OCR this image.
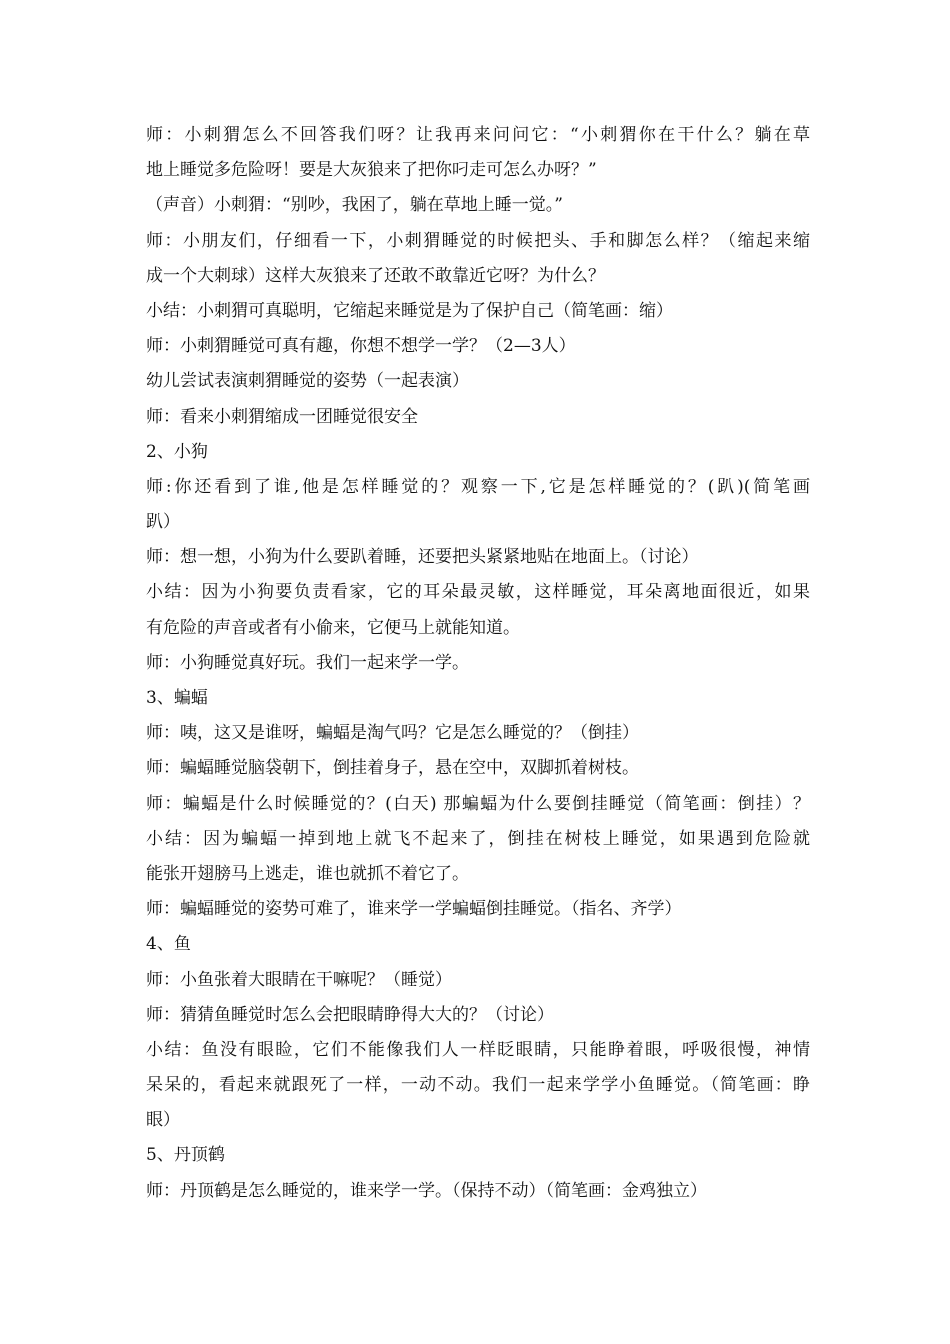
师：小刺猬怎么不回答我们呀？让我再来问问它：“小刺猬你在干什么？躺在草
地上睡觉多危险呀！要是大灰狼来了把你叼走可怎么办呀？”
（声音）小刺猬：“别吵，我困了，躺在草地上睡一觉。”
师：小朋友们，仔细看一下，小刺猬睡觉的时候把头、手和脚怎么样？（缩起来缩
成一个大刺球）这样大灰狼来了还敢不敢靠近它呀？为什么？
小结：小刺猬可真聪明，它缩起来睡觉是为了保护自己（简笔画：缩）
师：小刺猬睡觉可真有趣，你想不想学一学？（2—3人）
幼儿尝试表演刺猬睡觉的姿势（一起表演）
师：看来小刺猬缩成一团睡觉很安全
2、小狗
师:你还看到了谁,他是怎样睡觉的？观察一下,它是怎样睡觉的？(趴)(简笔画
趴）
师：想一想，小狗为什么要趴着睡，还要把头紧紧地贴在地面上。（讨论）
小结：因为小狗要负责看家，它的耳朵最灵敏，这样睡觉，耳朵离地面很近，如果
有危险的声音或者有小偷来，它便马上就能知道。
师：小狗睡觉真好玩。我们一起来学一学。
3、蝙蝠
师：咦，这又是谁呀，蝙蝠是淘气吗？它是怎么睡觉的？（倒挂）
师：蝙蝠睡觉脑袋朝下，倒挂着身子，悬在空中，双脚抓着树枝。
师：蝙蝠是什么时候睡觉的？(白天) 那蝙蝠为什么要倒挂睡觉（简笔画：倒挂）？
小结：因为蝙蝠一掉到地上就飞不起来了，倒挂在树枝上睡觉，如果遇到危险就
能张开翅膀马上逃走，谁也就抓不着它了。
师：蝙蝠睡觉的姿势可难了，谁来学一学蝙蝠倒挂睡觉。（指名、齐学）
4、鱼
师：小鱼张着大眼睛在干嘛呢？（睡觉）
师：猜猜鱼睡觉时怎么会把眼睛睁得大大的？（讨论）
小结：鱼没有眼睑，它们不能像我们人一样眨眼睛，只能睁着眼，呼吸很慢，神情
呆呆的，看起来就跟死了一样，一动不动。我们一起来学学小鱼睡觉。（简笔画：睁
眼）
5、丹顶鹤
师：丹顶鹤是怎么睡觉的，谁来学一学。（保持不动）（简笔画：金鸡独立）
